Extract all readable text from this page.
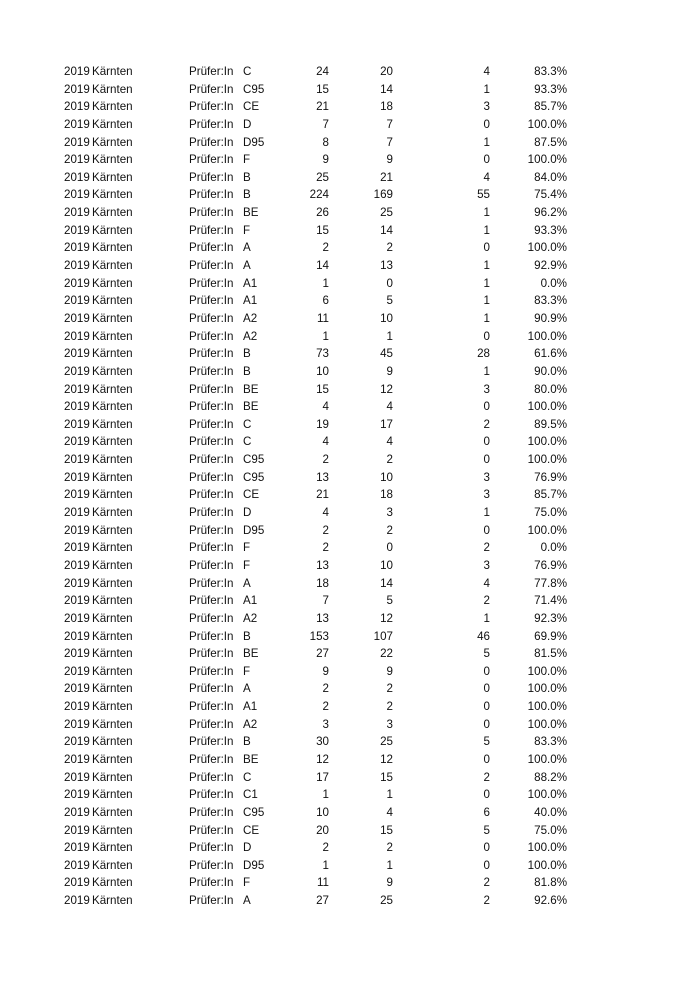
2019 Kärnten	Prüfer:In C	24	20	4	83.3%
2019 Kärnten	Prüfer:In C95	15	14	1	93.3%
2019 Kärnten	Prüfer:In CE	21	18	3	85.7%
2019 Kärnten	Prüfer:In D	7	7	0	100.0%
2019 Kärnten	Prüfer:In D95	8	7	1	87.5%
2019 Kärnten	Prüfer:In F	9	9	0	100.0%
2019 Kärnten	Prüfer:In B	25	21	4	84.0%
2019 Kärnten	Prüfer:In B	224	169	55	75.4%
2019 Kärnten	Prüfer:In BE	26	25	1	96.2%
2019 Kärnten	Prüfer:In F	15	14	1	93.3%
2019 Kärnten	Prüfer:In A	2	2	0	100.0%
2019 Kärnten	Prüfer:In A	14	13	1	92.9%
2019 Kärnten	Prüfer:In A1	1	0	1	0.0%
2019 Kärnten	Prüfer:In A1	6	5	1	83.3%
2019 Kärnten	Prüfer:In A2	11	10	1	90.9%
2019 Kärnten	Prüfer:In A2	1	1	0	100.0%
2019 Kärnten	Prüfer:In B	73	45	28	61.6%
2019 Kärnten	Prüfer:In B	10	9	1	90.0%
2019 Kärnten	Prüfer:In BE	15	12	3	80.0%
2019 Kärnten	Prüfer:In BE	4	4	0	100.0%
2019 Kärnten	Prüfer:In C	19	17	2	89.5%
2019 Kärnten	Prüfer:In C	4	4	0	100.0%
2019 Kärnten	Prüfer:In C95	2	2	0	100.0%
2019 Kärnten	Prüfer:In C95	13	10	3	76.9%
2019 Kärnten	Prüfer:In CE	21	18	3	85.7%
2019 Kärnten	Prüfer:In D	4	3	1	75.0%
2019 Kärnten	Prüfer:In D95	2	2	0	100.0%
2019 Kärnten	Prüfer:In F	2	0	2	0.0%
2019 Kärnten	Prüfer:In F	13	10	3	76.9%
2019 Kärnten	Prüfer:In A	18	14	4	77.8%
2019 Kärnten	Prüfer:In A1	7	5	2	71.4%
2019 Kärnten	Prüfer:In A2	13	12	1	92.3%
2019 Kärnten	Prüfer:In B	153	107	46	69.9%
2019 Kärnten	Prüfer:In BE	27	22	5	81.5%
2019 Kärnten	Prüfer:In F	9	9	0	100.0%
2019 Kärnten	Prüfer:In A	2	2	0	100.0%
2019 Kärnten	Prüfer:In A1	2	2	0	100.0%
2019 Kärnten	Prüfer:In A2	3	3	0	100.0%
2019 Kärnten	Prüfer:In B	30	25	5	83.3%
2019 Kärnten	Prüfer:In BE	12	12	0	100.0%
2019 Kärnten	Prüfer:In C	17	15	2	88.2%
2019 Kärnten	Prüfer:In C1	1	1	0	100.0%
2019 Kärnten	Prüfer:In C95	10	4	6	40.0%
2019 Kärnten	Prüfer:In CE	20	15	5	75.0%
2019 Kärnten	Prüfer:In D	2	2	0	100.0%
2019 Kärnten	Prüfer:In D95	1	1	0	100.0%
2019 Kärnten	Prüfer:In F	11	9	2	81.8%
2019 Kärnten	Prüfer:In A	27	25	2	92.6%
